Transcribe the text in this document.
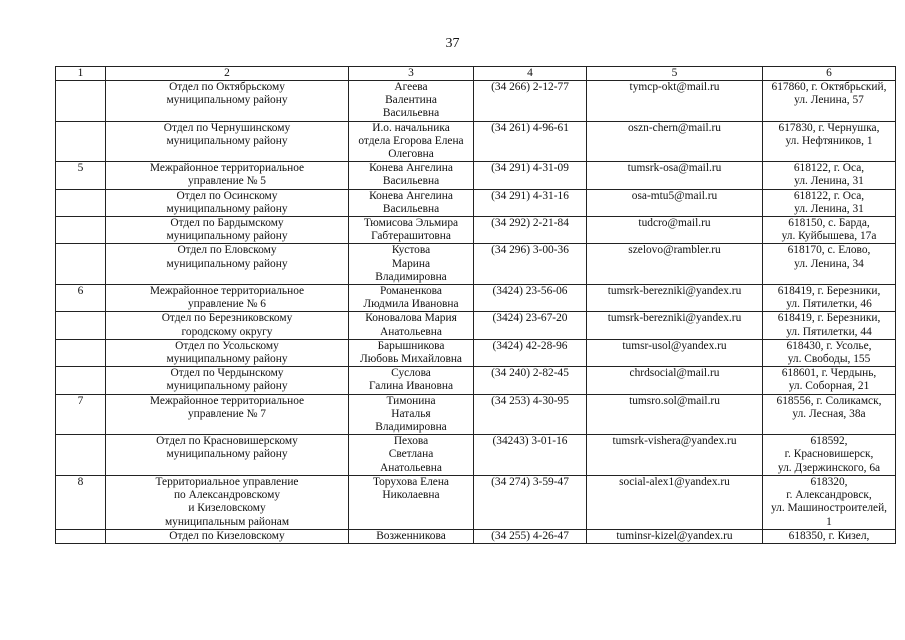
37
1	2	3	4	5	6
	Отдел по Октябрьскому
муниципальному району	Агеева
Валентина
Васильевна	(34 266) 2-12-77	tymcp-okt@mail.ru	617860, г. Октябрьский,
ул. Ленина, 57
	Отдел по Чернушинскому
муниципальному району	И.о. начальника
отдела Егорова Елена
Олеговна	(34 261) 4-96-61	oszn-chern@mail.ru	617830, г. Чернушка,
ул. Нефтяников, 1
5	Межрайонное территориальное
управление № 5	Конева Ангелина
Васильевна	(34 291) 4-31-09	tumsrk-osa@mail.ru	618122, г. Оса,
ул. Ленина, 31
	Отдел по Осинскому
муниципальному району	Конева Ангелина
Васильевна	(34 291) 4-31-16	osa-mtu5@mail.ru	618122, г. Оса,
ул. Ленина, 31
	Отдел по Бардымскому
муниципальному району	Тюмисова Эльмира
Габтерашитовна	(34 292) 2-21-84	tudcro@mail.ru	618150, с. Барда,
ул. Куйбышева, 17а
	Отдел по Еловскому
муниципальному району	Кустова
Марина
Владимировна	(34 296) 3-00-36	szelovo@rambler.ru	618170, с. Елово,
ул. Ленина, 34
6	Межрайонное территориальное
управление № 6	Романенкова
Людмила Ивановна	(3424) 23-56-06	tumsrk-berezniki@yandex.ru	618419, г. Березники,
ул. Пятилетки, 46
	Отдел по Березниковскому
городскому округу	Коновалова Мария
Анатольевна	(3424) 23-67-20	tumsrk-berezniki@yandex.ru	618419, г. Березники,
ул. Пятилетки, 44
	Отдел по Усольскому
муниципальному району	Барышникова
Любовь Михайловна	(3424) 42-28-96	tumsr-usol@yandex.ru	618430, г. Усолье,
ул. Свободы, 155
	Отдел по Чердынскому
муниципальному району	Суслова
Галина Ивановна	(34 240) 2-82-45	chrdsocial@mail.ru	618601, г. Чердынь,
ул. Соборная, 21
7	Межрайонное территориальное
управление № 7	Тимонина
Наталья
Владимировна	(34 253) 4-30-95	tumsro.sol@mail.ru	618556, г. Соликамск,
ул. Лесная, 38а
	Отдел по Красновишерскому
муниципальному району	Пехова
Светлана
Анатольевна	(34243) 3-01-16	tumsrk-vishera@yandex.ru	618592,
г. Красновишерск,
ул. Дзержинского, 6а
8	Территориальное управление
по Александровскому
и Кизеловскому
муниципальным районам	Торухова Елена
Николаевна	(34 274) 3-59-47	social-alex1@yandex.ru	618320,
г. Александровск,
ул. Машиностроителей,
1
	Отдел по Кизеловскому	Возженникова	(34 255) 4-26-47	tuminsr-kizel@yandex.ru	618350, г. Кизел,
